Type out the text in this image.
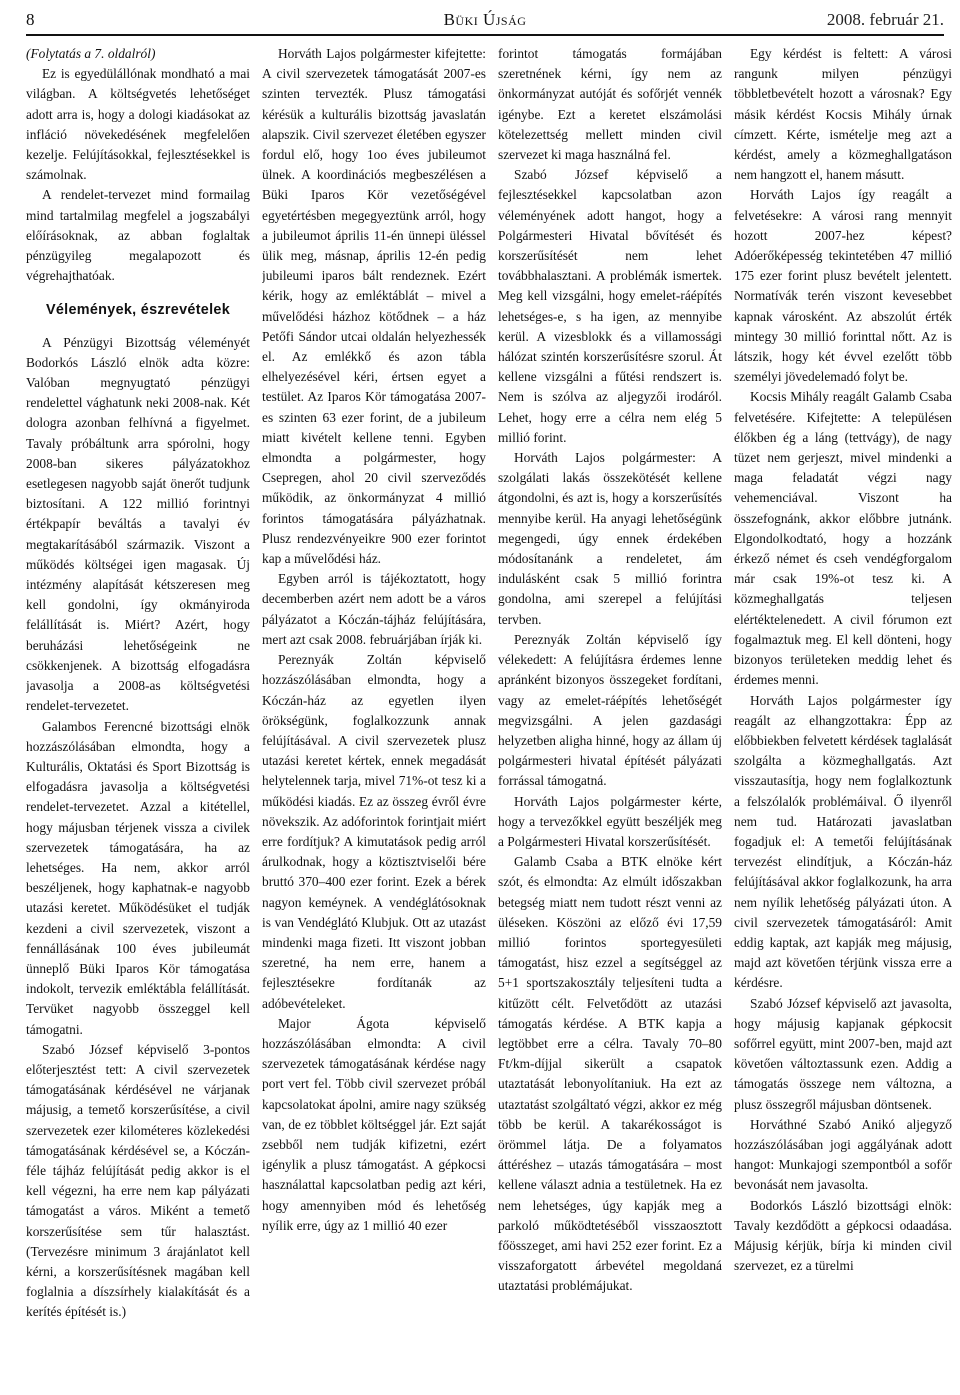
8	Büki Újság	2008. február 21.

(Folytatás a 7. oldalról)

Ez is egyedülállónak mondható a mai világban. A költségvetés lehetőséget adott arra is, hogy a dologi kiadásokat az infláció növekedésének megfelelően kezelje. Felújításokkal, fejlesztésekkel is számolnak.

A rendelet-tervezet mind formailag mind tartalmilag megfelel a jogszabályi előírásoknak, az abban foglaltak pénzügyileg megalapozott és végrehajthatóak.

Vélemények, észrevételek

A Pénzügyi Bizottság véleményét Bodorkós László elnök adta közre: Valóban megnyugtató pénzügyi rendelettel vághatunk neki 2008-nak. Két dologra azonban felhívná a figyelmet. Tavaly próbáltunk arra spórolni, hogy 2008-ban sikeres pályázatokhoz esetlegesen nagyobb saját önerőt tudjunk biztosítani. A 122 millió forintnyi értékpapír beváltás a tavalyi év megtakarításából származik. Viszont a működés költségei igen magasak. Új intézmény alapítását kétszeresen meg kell gondolni, így okmányiroda felállítását is. Miért? Azért, hogy beruházási lehetőségeink ne csökkenjenek. A bizottság elfogadásra javasolja a 2008-as költségvetési rendelet-tervezetet.

Galambos Ferencné bizottsági elnök hozzászólásában elmondta, hogy a Kulturális, Oktatási és Sport Bizottság is elfogadásra javasolja a költségvetési rendelet-tervezetet. Azzal a kitétellel, hogy májusban térjenek vissza a civilek szervezetek támogatására, ha az lehetséges. Ha nem, akkor arról beszéljenek, hogy kaphatnak-e nagyobb utazási keretet. Működésüket el tudják kezdeni a civil szervezetek, viszont a fennállásának 100 éves jubileumát ünneplő Büki Iparos Kör támogatása indokolt, tervezik emléktábla felállítását. Tervüket nagyobb összeggel kell támogatni.

Szabó József képviselő 3-pontos előterjesztést tett: A civil szervezetek támogatásának kérdésével ne várjanak májusig, a temető korszerűsítése, a civil szervezetek ezer kilométeres közlekedési támogatásának kérdésével se, a Kóczán-féle tájház felújítását pedig akkor is el kell végezni, ha erre nem kap pályázati támogatást a város. Miként a temető korszerűsítése sem tűr halasztást. (Tervezésre minimum 3 árajánlatot kell kérni, a korszerűsítésnek magában kell foglalnia a díszsírhely kialakítását és a kerítés építését is.)

Horváth Lajos polgármester kifejtette: A civil szervezetek támogatását 2007-es szinten tervezték. Plusz támogatási kérésük a kulturális bizottság javaslatán alapszik. Civil szervezet életében egyszer fordul elő, hogy 1oo éves jubileumot ülnek. A koordinációs megbeszélésen a Büki Iparos Kör vezetőségével egyetértésben megegyeztünk arról, hogy a jubileumot április 11-én ünnepi üléssel ülik meg, másnap, április 12-én pedig jubileumi iparos bált rendeznek. Ezért kérik, hogy az emléktáblát – mivel a művelődési házhoz kötődnek – a ház Petőfi Sándor utcai oldalán helyezhessék el. Az emlékkő és azon tábla elhelyezésével kéri, értsen egyet a testület. Az Iparos Kör támogatása 2007-es szinten 63 ezer forint, de a jubileum miatt kivételt kellene tenni. Egyben elmondta a polgármester, hogy Csepregen, ahol 20 civil szerveződés működik, az önkormányzat 4 millió forintos támogatására pályázhatnak. Plusz rendezvényeikre 900 ezer forintot kap a művelődési ház.

Egyben arról is tájékoztatott, hogy decemberben azért nem adott be a város pályázatot a Kóczán-tájház felújítására, mert azt csak 2008. februárjában írják ki.

Pereznyák Zoltán képviselő hozzászólásában elmondta, hogy a Kóczán-ház az egyetlen ilyen örökségünk, foglalkozzunk annak felújításával. A civil szervezetek plusz utazási keretet kértek, ennek megadását helytelennek tarja, mivel 71%-ot tesz ki a működési kiadás. Ez az összeg évről évre növekszik. Az adóforintok forintjait miért erre fordítjuk? A kimutatások pedig arról árulkodnak, hogy a köztisztviselői bére bruttó 370–400 ezer forint. Ezek a bérek nagyon keméynek. A vendéglátósoknak is van Vendéglátó Klubjuk. Ott az utazást mindenki maga fizeti. Itt viszont jobban szeretné, ha nem erre, hanem a fejlesztésekre fordítanák az adóbevételeket.

Major Ágota képviselő hozzászólásában elmondta: A civil szervezetek támogatásának kérdése nagy port vert fel. Több civil szervezet próbál kapcsolatokat ápolni, amire nagy szükség van, de ez többlet költséggel jár. Ezt saját zsebből nem tudják kifizetni, ezért igénylik a plusz támogatást. A gépkocsi használattal kapcsolatban pedig azt kéri, hogy amennyiben mód és lehetőség nyílik erre, úgy az 1 millió 40 ezer

forintot támogatás formájában szeretnének kérni, így nem az önkormányzat autóját és sofőrjét vennék igénybe. Ezt a keretet elszámolási kötelezettség mellett minden civil szervezet ki maga használná fel.

Szabó József képviselő a fejlesztésekkel kapcsolatban azon véleményének adott hangot, hogy a Polgármesteri Hivatal bővítését és korszerűsítését nem lehet továbbhalasztani. A problémák ismertek. Meg kell vizsgálni, hogy emelet-ráépítés lehetséges-e, s ha igen, az mennyibe kerül. A vizesblokk és a villamossági hálózat szintén korszerűsítésre szorul. Át kellene vizsgálni a fűtési rendszert is. Nem is szólva az aljegyzői irodáról. Lehet, hogy erre a célra nem elég 5 millió forint.

Horváth Lajos polgármester: A szolgálati lakás összekötését kellene átgondolni, és azt is, hogy a korszerűsítés mennyibe kerül. Ha anyagi lehetőségünk megengedi, úgy ennek érdekében módosítanánk a rendeletet, ám indulásként csak 5 millió forintra gondolna, ami szerepel a felújítási tervben.

Pereznyák Zoltán képviselő így vélekedett: A felújításra érdemes lenne apránként bizonyos összegeket fordítani, vagy az emelet-ráépítés lehetőségét megvizsgálni. A jelen gazdasági helyzetben aligha hinné, hogy az állam új polgármesteri hivatal építését pályázati forrással támogatná.

Horváth Lajos polgármester kérte, hogy a tervezőkkel együtt beszéljék meg a Polgármesteri Hivatal korszerűsítését.

Galamb Csaba a BTK elnöke kért szót, és elmondta: Az elmúlt időszakban betegség miatt nem tudott részt venni az üléseken. Köszöni az előző évi 17,59 millió forintos sportegyesületi támogatást, hisz ezzel a segítséggel az 5+1 sportszakosztály teljesíteni tudta a kitűzött célt. Felvetődött az utazási támogatás kérdése. A BTK kapja a legtöbbet erre a célra. Tavaly 70–80 Ft/km-díjjal sikerült a csapatok utaztatását lebonyolítaniuk. Ha ezt az utaztatást szolgáltató végzi, akkor ez még több be kerül. A takarékosságot is örömmel látja. De a folyamatos áttéréshez – utazás támogatására – most kellene választ adnia a testületnek. Ha ez nem lehetséges, úgy kapják meg a parkoló működtetéséből visszaosztott főösszeget, ami havi 252 ezer forint. Ez a visszaforgatott árbevétel megoldaná utaztatási problémájukat.

Egy kérdést is feltett: A városi rangunk milyen pénzügyi többletbevételt hozott a városnak? Egy másik kérdést Kocsis Mihály úrnak címzett. Kérte, ismételje meg azt a kérdést, amely a közmeghallgatáson nem hangzott el, hanem másutt.

Horváth Lajos így reagált a felvetésekre: A városi rang mennyit hozott 2007-hez képest? Adóerőképesség tekintetében 47 millió 175 ezer forint plusz bevételt jelentett. Normatívák terén viszont kevesebbet kapnak városként. Az abszolút érték mintegy 30 millió forinttal nőtt. Az is látszik, hogy két évvel ezelőtt több személyi jövedelemadó folyt be.

Kocsis Mihály reagált Galamb Csaba felvetésére. Kifejtette: A településen élőkben ég a láng (tettvágy), de nagy tüzet nem gerjeszt, mivel mindenki a maga feladatát végzi nagy vehemenciával. Viszont ha összefognánk, akkor előbbre jutnánk. Elgondolkodtató, hogy a hozzánk érkező német és cseh vendégforgalom már csak 19%-ot tesz ki. A közmeghallgatás teljesen elértéktelenedett. A civil fórumon ezt fogalmaztuk meg. El kell dönteni, hogy bizonyos területeken meddig lehet és érdemes menni.

Horváth Lajos polgármester így reagált az elhangzottakra: Épp az előbbiekben felvetett kérdések taglalását szolgálta a közmeghallgatás. Azt visszautasítja, hogy nem foglalkoztunk a felszólalók problémáival. Ő ilyenről nem tud. Határozati javaslatban fogadjuk el: A temetői felújításának tervezést elindítjuk, a Kóczán-ház felújításával akkor foglalkozunk, ha arra nem nyílik lehetőség pályázati úton. A civil szervezetek támogatásáról: Amit eddig kaptak, azt kapják meg májusig, majd azt követően térjünk vissza erre a kérdésre.

Szabó József képviselő azt javasolta, hogy májusig kapjanak gépkocsit sofőrrel együtt, mint 2007-ben, majd azt követően változtassunk ezen. Addig a támogatás összege nem változna, a plusz összegről májusban döntsenek.

Horváthné Szabó Anikó aljegyző hozzászólásában jogi aggályának adott hangot: Munkajogi szempontból a sofőr bevonását nem javasolta.

Bodorkós László bizottsági elnök: Tavaly kezdődött a gépkocsi odaadása. Májusig kérjük, bírja ki minden civil szervezet, ez a türelmi
